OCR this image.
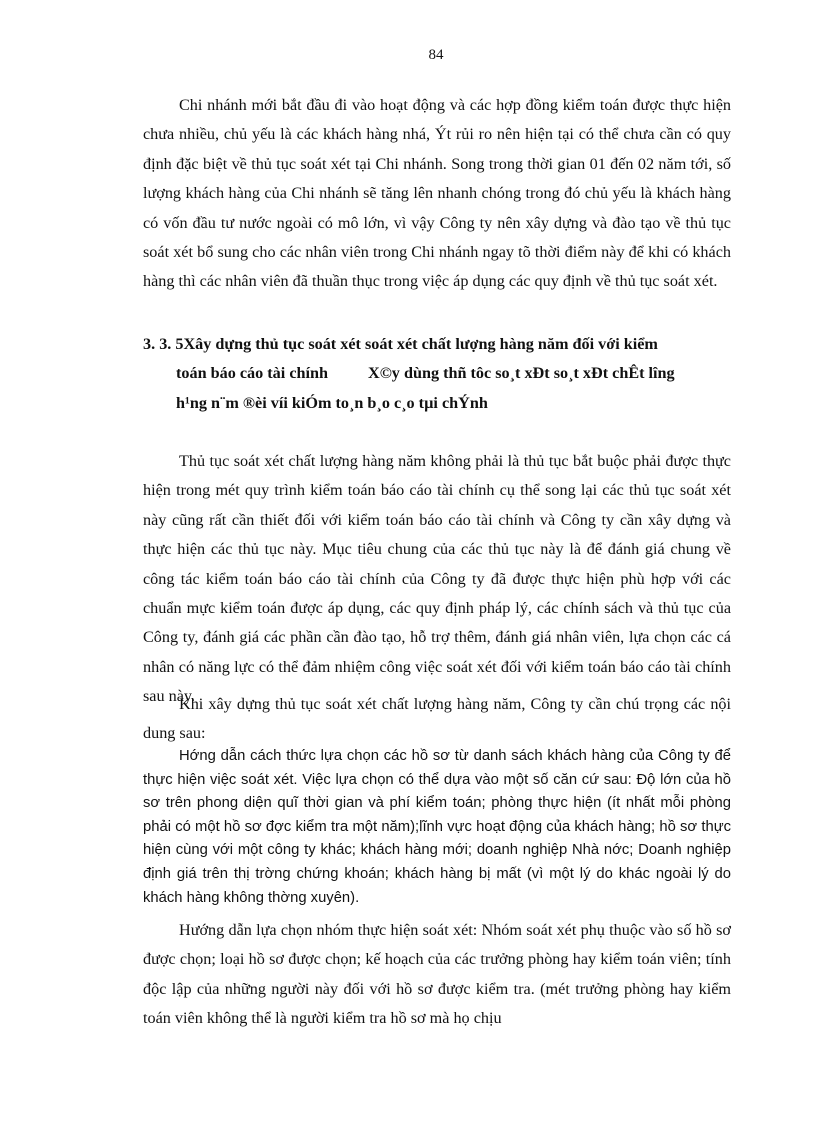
84

Chi nhánh mới bắt đầu đi vào hoạt động và các hợp đồng kiểm toán được thực hiện chưa nhiều, chủ yếu là các khách hàng nhá, Ýt rủi ro nên hiện tại có thể chưa cần có quy định đặc biệt về thủ tục soát xét tại Chi nhánh. Song trong thời gian 01 đến 02 năm tới, số lượng khách hàng của Chi nhánh sẽ tăng lên nhanh chóng trong đó chủ yếu là khách hàng có vốn đầu tư nước ngoài có mô lớn, vì vậy Công ty nên xây dựng và đào tạo về thủ tục soát xét bổ sung cho các nhân viên trong Chi nhánh ngay tõ thời điểm này để khi có khách hàng thì các nhân viên đã thuần thục trong việc áp dụng các quy định về thủ tục soát xét.

3. 3. 5Xây dựng thủ tục soát xét soát xét chất lượng hàng năm đối với kiểm
toán báo cáo tài chính X©y dùng thñ tôc so¸t xÐt so¸t xÐt chÊt lîng
h¹ng n¨m ®èi víi kiÓm to¸n b¸o c¸o tµi chÝnh

Thủ tục soát xét chất lượng hàng năm không phải là thủ tục bắt buộc phải được thực hiện trong mét quy trình kiểm toán báo cáo tài chính cụ thể song lại các thủ tục soát xét này cũng rất cần thiết đối với kiểm toán báo cáo tài chính và Công ty cần xây dựng và thực hiện các thủ tục này. Mục tiêu chung của các thủ tục này là để đánh giá chung về công tác kiểm toán báo cáo tài chính của Công ty đã được thực hiện phù hợp với các chuẩn mực kiểm toán được áp dụng, các quy định pháp lý, các chính sách và thủ tục của Công ty, đánh giá các phần cần đào tạo, hỗ trợ thêm, đánh giá nhân viên, lựa chọn các cá nhân có năng lực có thể đảm nhiệm công việc soát xét đối với kiểm toán báo cáo tài chính sau này.

Khi xây dựng thủ tục soát xét chất lượng hàng năm, Công ty cần chú trọng các nội dung sau:

Hớng dẫn cách thức lựa chọn các hồ sơ từ danh sách khách hàng của Công ty để thực hiện việc soát xét. Việc lựa chọn có thể dựa vào một số căn cứ sau: Độ lớn của hồ sơ trên phong diện quĩ thời gian và phí kiểm toán; phòng thực hiện (ít nhất mỗi phòng phải có một hồ sơ đợc kiểm tra một năm);lĩnh vực hoạt động của khách hàng; hồ sơ thực hiện cùng với một công ty khác; khách hàng mới; doanh nghiệp Nhà nớc; Doanh nghiệp định giá trên thị trờng chứng khoán; khách hàng bị mất (vì một lý do khác ngoài lý do khách hàng không thờng xuyên).

Hướng dẫn lựa chọn nhóm thực hiện soát xét: Nhóm soát xét phụ thuộc vào số hồ sơ được chọn; loại hồ sơ được chọn; kế hoạch của các trưởng phòng hay kiểm toán viên; tính độc lập của những người này đối với hồ sơ được kiểm tra. (mét trưởng phòng hay kiểm toán viên không thể là người kiểm tra hồ sơ mà họ chịu
